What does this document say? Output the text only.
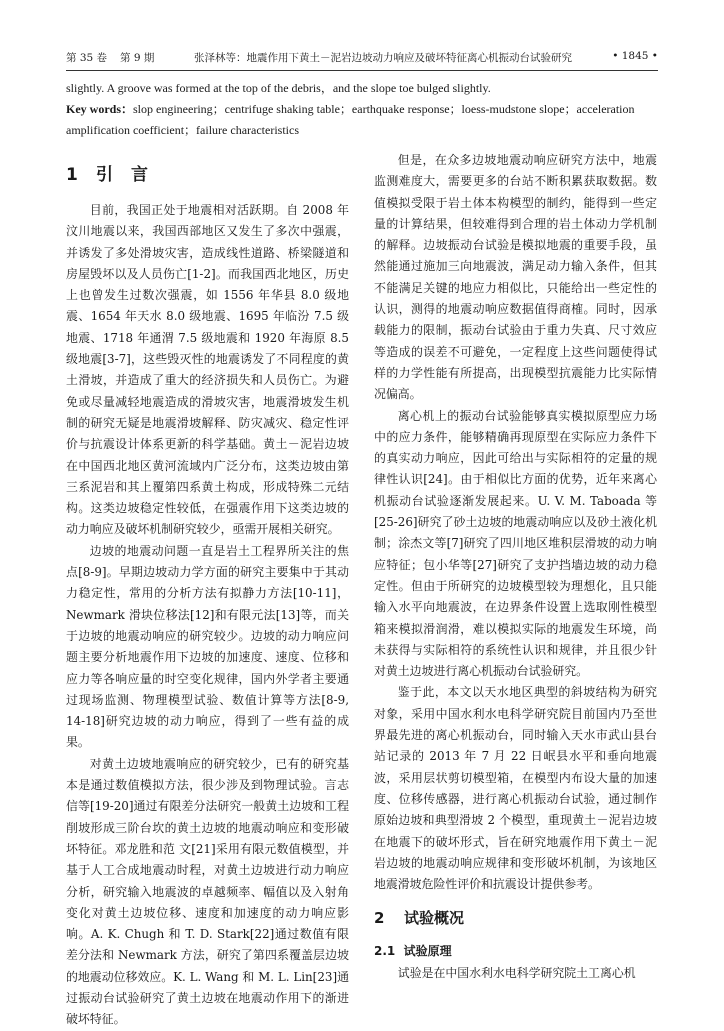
第 35 卷 第 9 期	张泽林等：地震作用下黄土－泥岩边坡动力响应及破坏特征离心机振动台试验研究	• 1845 •
slightly. A groove was formed at the top of the debris，and the slope toe bulged slightly.
Key words：slop engineering；centrifuge shaking table；earthquake response；loess-mudstone slope；acceleration amplification coefficient；failure characteristics
1 引言

目前，我国正处于地震相对活跃期。自 2008 年汶川地震以来，我国西部地区又发生了多次中强震，并诱发了多处滑坡灾害，造成线性道路、桥梁隧道和房屋毁坏以及人员伤亡[1-2]。而我国西北地区，历史上也曾发生过数次强震，如 1556 年华县 8.0 级地震、1654 年天水 8.0 级地震、1695 年临汾 7.5 级地震、1718 年通渭 7.5 级地震和 1920 年海原 8.5 级地震[3-7]，这些毁灭性的地震诱发了不同程度的黄土滑坡，并造成了重大的经济损失和人员伤亡。为避免或尽量减轻地震造成的滑坡灾害，地震滑坡发生机制的研究无疑是地震滑坡解释、防灾减灾、稳定性评价与抗震设计体系更新的科学基础。黄土－泥岩边坡在中国西北地区黄河流域内广泛分布，这类边坡由第三系泥岩和其上覆第四系黄土构成，形成特殊二元结构。这类边坡稳定性较低，在强震作用下这类边坡的动力响应及破坏机制研究较少，亟需开展相关研究。

边坡的地震动问题一直是岩土工程界所关注的焦点[8-9]。早期边坡动力学方面的研究主要集中于其动力稳定性，常用的分析方法有拟静力方法[10-11]，Newmark 滑块位移法[12]和有限元法[13]等，而关于边坡的地震动响应的研究较少。边坡的动力响应问题主要分析地震作用下边坡的加速度、速度、位移和应力等各响应量的时空变化规律，国内外学者主要通过现场监测、物理模型试验、数值计算等方法[8-9, 14-18]研究边坡的动力响应，得到了一些有益的成果。

对黄土边坡地震响应的研究较少，已有的研究基本是通过数值模拟方法，很少涉及到物理试验。言志信等[19-20]通过有限差分法研究一般黄土边坡和工程削坡形成三阶台坎的黄土边坡的地震动响应和变形破坏特征。邓龙胜和范 文[21]采用有限元数值模型，并基于人工合成地震动时程，对黄土边坡进行动力响应分析，研究输入地震波的卓越频率、幅值以及入射角变化对黄土边坡位移、速度和加速度的动力响应影响。A. K. Chugh 和 T. D. Stark[22]通过数值有限差分法和 Newmark 方法，研究了第四系覆盖层边坡的地震动位移效应。K. L. Wang 和 M. L. Lin[23]通过振动台试验研究了黄土边坡在地震动作用下的渐进破坏特征。

但是，在众多边坡地震动响应研究方法中，地震监测难度大，需要更多的台站不断积累获取数据。数值模拟受限于岩土体本构模型的制约，能得到一些定量的计算结果，但较难得到合理的岩土体动力学机制的解释。边坡振动台试验是模拟地震的重要手段，虽然能通过施加三向地震波，满足动力输入条件，但其不能满足关键的地应力相似比，只能给出一些定性的认识，测得的地震动响应数据值得商榷。同时，因承载能力的限制，振动台试验由于重力失真、尺寸效应等造成的误差不可避免，一定程度上这些问题使得试样的力学性能有所提高，出现模型抗震能力比实际情况偏高。

离心机上的振动台试验能够真实模拟原型应力场中的应力条件，能够精确再现原型在实际应力条件下的真实动力响应，因此可给出与实际相符的定量的规律性认识[24]。由于相似比方面的优势，近年来离心机振动台试验逐渐发展起来。U. V. M. Taboada 等[25-26]研究了砂土边坡的地震动响应以及砂土液化机制；涂杰文等[7]研究了四川地区堆积层滑坡的动力响应特征；包小华等[27]研究了支护挡墙边坡的动力稳定性。但由于所研究的边坡模型较为理想化，且只能输入水平向地震波，在边界条件设置上选取刚性模型箱来模拟滑润滑，难以模拟实际的地震发生环境，尚未获得与实际相符的系统性认识和规律，并且很少针对黄土边坡进行离心机振动台试验研究。

鉴于此，本文以天水地区典型的斜坡结构为研究对象，采用中国水利水电科学研究院目前国内乃至世界最先进的离心机振动台，同时输入天水市武山县台站记录的 2013 年 7 月 22 日岷县水平和垂向地震波，采用层状剪切模型箱，在模型内布设大量的加速度、位移传感器，进行离心机振动台试验，通过制作原始边坡和典型滑坡 2 个模型，重现黄土－泥岩边坡在地震下的破坏形式，旨在研究地震作用下黄土－泥岩边坡的地震动响应规律和变形破坏机制，为该地区地震滑坡危险性评价和抗震设计提供参考。

2 试验概况
2.1 试验原理

试验是在中国水利水电科学研究院土工离心机
